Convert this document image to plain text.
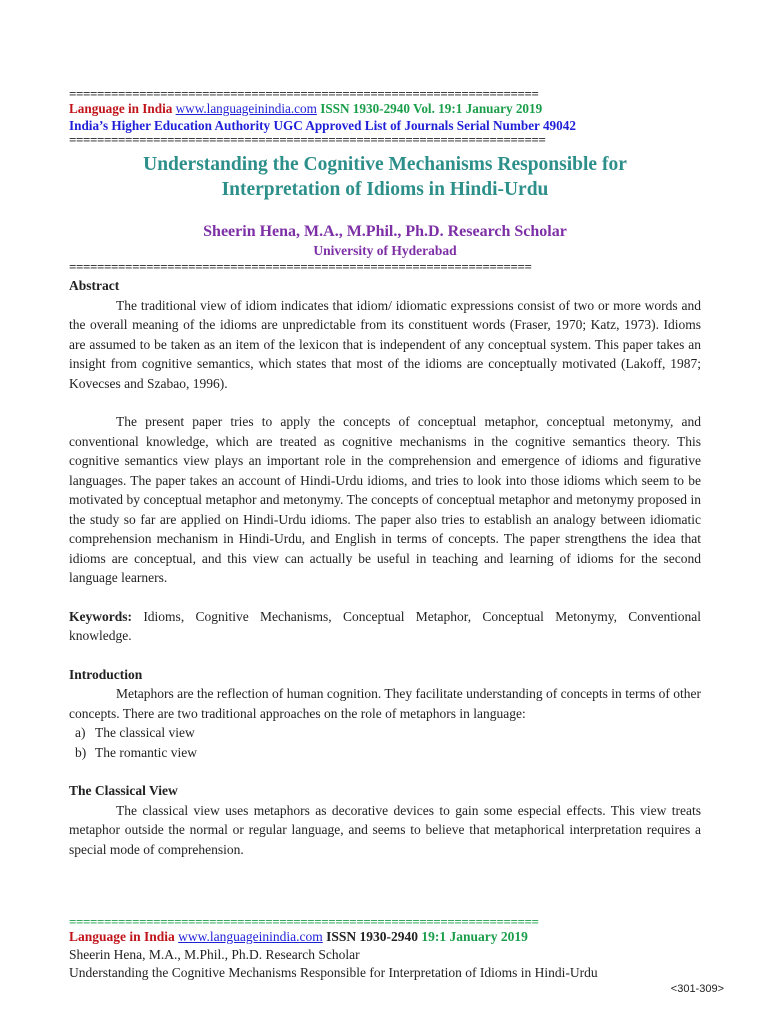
===================================================================
Language in India www.languageinindia.com ISSN 1930-2940 Vol. 19:1 January 2019
India’s Higher Education Authority UGC Approved List of Journals Serial Number 49042
====================================================================
Understanding the Cognitive Mechanisms Responsible for
Interpretation of Idioms in Hindi-Urdu
Sheerin Hena, M.A., M.Phil., Ph.D. Research Scholar
University of Hyderabad
==================================================================
Abstract

The traditional view of idiom indicates that idiom/ idiomatic expressions consist of two or more words and the overall meaning of the idioms are unpredictable from its constituent words (Fraser, 1970; Katz, 1973). Idioms are assumed to be taken as an item of the lexicon that is independent of any conceptual system. This paper takes an insight from cognitive semantics, which states that most of the idioms are conceptually motivated (Lakoff, 1987; Kovecses and Szabao, 1996).

The present paper tries to apply the concepts of conceptual metaphor, conceptual metonymy, and conventional knowledge, which are treated as cognitive mechanisms in the cognitive semantics theory. This cognitive semantics view plays an important role in the comprehension and emergence of idioms and figurative languages. The paper takes an account of Hindi-Urdu idioms, and tries to look into those idioms which seem to be motivated by conceptual metaphor and metonymy. The concepts of conceptual metaphor and metonymy proposed in the study so far are applied on Hindi-Urdu idioms. The paper also tries to establish an analogy between idiomatic comprehension mechanism in Hindi-Urdu, and English in terms of concepts. The paper strengthens the idea that idioms are conceptual, and this view can actually be useful in teaching and learning of idioms for the second language learners.

Keywords: Idioms, Cognitive Mechanisms, Conceptual Metaphor, Conceptual Metonymy, Conventional knowledge.

Introduction

Metaphors are the reflection of human cognition. They facilitate understanding of concepts in terms of other concepts. There are two traditional approaches on the role of metaphors in language:

a) The classical view
b) The romantic view
The Classical View

The classical view uses metaphors as decorative devices to gain some especial effects. This view treats metaphor outside the normal or regular language, and seems to believe that metaphorical interpretation requires a special mode of comprehension.

===================================================================
Language in India www.languageinindia.com ISSN 1930-2940 19:1 January 2019
Sheerin Hena, M.A., M.Phil., Ph.D. Research Scholar
Understanding the Cognitive Mechanisms Responsible for Interpretation of Idioms in Hindi-Urdu
<301-309>
